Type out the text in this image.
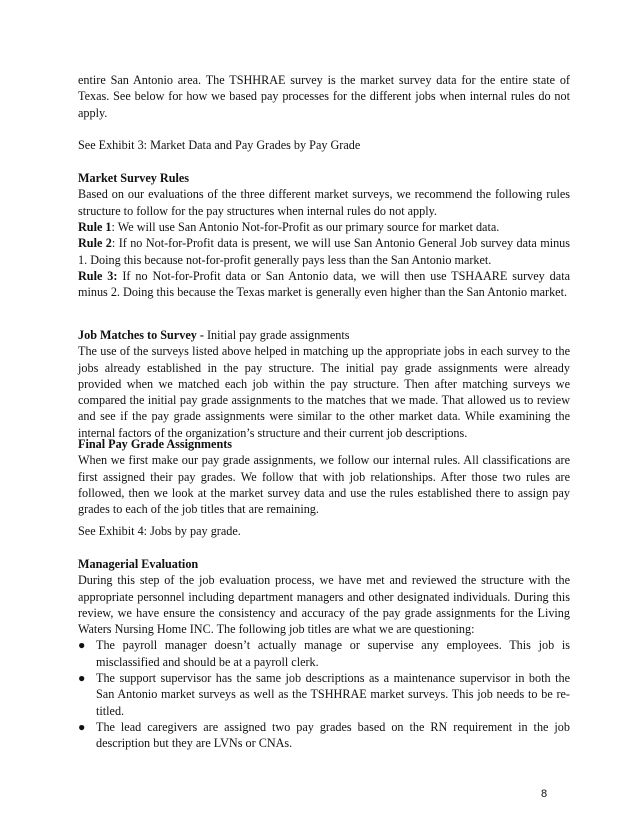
entire San Antonio area. The TSHHRAE survey is the market survey data for the entire state of Texas. See below for how we based pay processes for the different jobs when internal rules do not apply.

See Exhibit 3: Market Data and Pay Grades by Pay Grade

Market Survey Rules

Based on our evaluations of the three different market surveys, we recommend the following rules structure to follow for the pay structures when internal rules do not apply.

Rule 1: We will use San Antonio Not-for-Profit as our primary source for market data.

Rule 2: If no Not-for-Profit data is present, we will use San Antonio General Job survey data minus 1. Doing this because not-for-profit generally pays less than the San Antonio market.

Rule 3: If no Not-for-Profit data or San Antonio data, we will then use TSHAARE survey data minus 2. Doing this because the Texas market is generally even higher than the San Antonio market.

Job Matches to Survey - Initial pay grade assignments

The use of the surveys listed above helped in matching up the appropriate jobs in each survey to the jobs already established in the pay structure. The initial pay grade assignments were already provided when we matched each job within the pay structure. Then after matching surveys we compared the initial pay grade assignments to the matches that we made. That allowed us to review and see if the pay grade assignments were similar to the other market data. While examining the internal factors of the organization’s structure and their current job descriptions.

Final Pay Grade Assignments

When we first make our pay grade assignments, we follow our internal rules. All classifications are first assigned their pay grades. We follow that with job relationships. After those two rules are followed, then we look at the market survey data and use the rules established there to assign pay grades to each of the job titles that are remaining.

See Exhibit 4: Jobs by pay grade.

Managerial Evaluation

During this step of the job evaluation process, we have met and reviewed the structure with the appropriate personnel including department managers and other designated individuals. During this review, we have ensure the consistency and accuracy of the pay grade assignments for the Living Waters Nursing Home INC. The following job titles are what we are questioning:

● The payroll manager doesn’t actually manage or supervise any employees. This job is misclassified and should be at a payroll clerk.
● The support supervisor has the same job descriptions as a maintenance supervisor in both the San Antonio market surveys as well as the TSHHRAE market surveys. This job needs to be re-titled.
● The lead caregivers are assigned two pay grades based on the RN requirement in the job description but they are LVNs or CNAs.
8
